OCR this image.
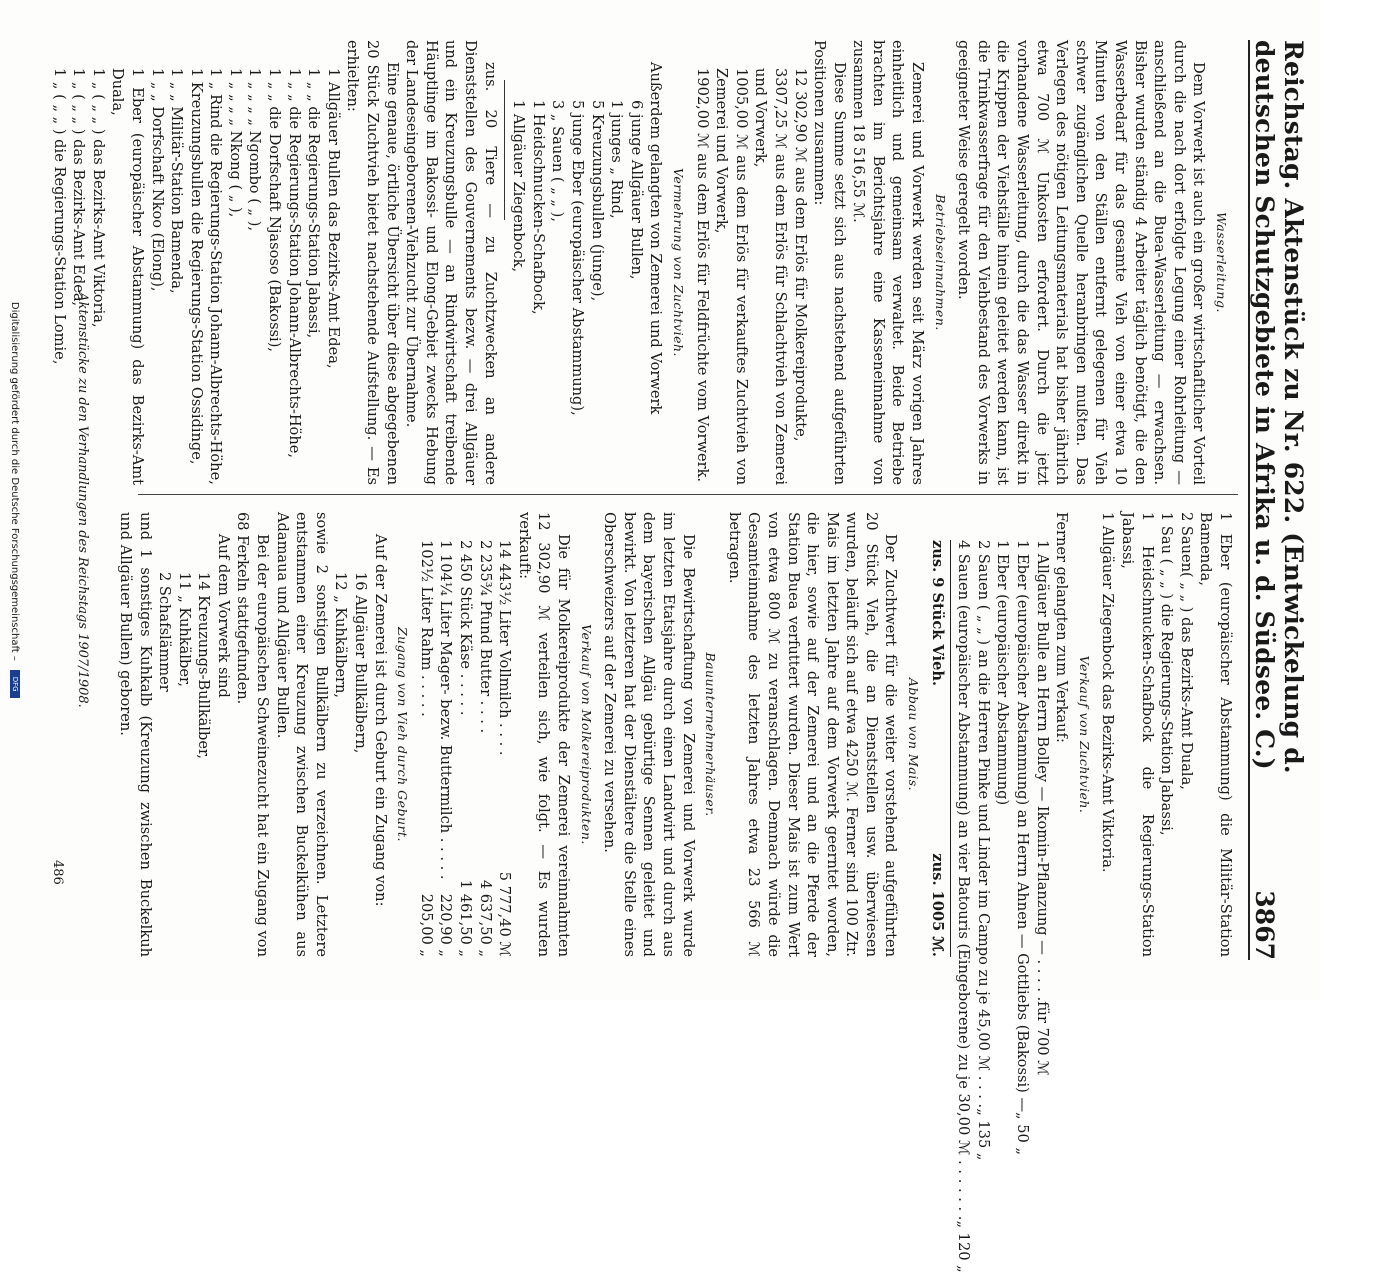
Reichstag. Aktenstück zu Nr. 622. (Entwickelung d. deutschen Schutzgebiete in Afrika u. d. Südsee. C.)
3867
Wasserleitung.

Dem Vorwerk ist auch ein großer wirtschaftlicher Vorteil durch die nach dort erfolgte Legung einer Rohrleitung — anschließend an die Buea-Wasserleitung — erwachsen. Bisher wurden ständig 4 Arbeiter täglich benötigt, die den Wasserbedarf für das gesamte Vieh von einer etwa 10 Minuten von den Ställen entfernt gelegenen für Vieh schwer zugänglichen Quelle heranbringen mußten. Das Verlegen des nötigen Leitungsmaterials hat bisher jährlich etwa 700 ℳ Unkosten erfordert. Durch die jetzt vorhandene Wasserleitung, durch die das Wasser direkt in die Krippen der Viehställe hinein geleitet werden kann, ist die Trinkwasserfrage für den Viehbestand des Vorwerks in geeigneter Weise geregelt worden.

Betriebseinnahmen.

Zemerei und Vorwerk werden seit März vorigen Jahres einheitlich und gemeinsam verwaltet. Beide Betriebe brachten im Berichtsjahre eine Kasseneinnahme von zusammen 18 516,55 ℳ.

Diese Summe setzt sich aus nachstehend aufgeführten Positionen zusammen:

12 302,90 ℳ aus dem Erlös für Molkereiprodukte,
3307,25 ℳ aus dem Erlös für Schlachtvieh von Zemerei und Vorwerk,
1005,00 ℳ aus dem Erlös für verkauftes Zuchtvieh von Zemerei und Vorwerk,
1902,00 ℳ aus dem Erlös für Feldfrüchte vom Vorwerk.
Vermehrung von Zuchtvieh.

Außerdem gelangten von Zemerei und Vorwerk

6 junge Allgäuer Bullen,
1 junges „ Rind,
5 Kreuzungsbullen (junge),
5 junge Eber (europäischer Abstammung),
3 „ Sauen ( „ „ ),
1 Heidschnucken-Schafbock,
1 Allgäuer Ziegenbock,

zus. 20 Tiere — zu Zuchtzwecken an andere Dienststellen des Gouvernements bezw. — drei Allgäuer und ein Kreuzungsbulle — an Rindwirtschaft treibende Häuptlinge im Bakossi- und Elong-Gebiet zwecks Hebung der Landeseingeborenen-Viehzucht zur Übernahme.

Eine genaue, örtliche Übersicht über diese abgegebenen 20 Stück Zuchtvieh bietet nachstehende Aufstellung. — Es erhielten:

1 Allgäuer Bullen das Bezirks-Amt Edea,
1 „ „ die Regierungs-Station Jabassi,
1 „ „ die Regierungs-Station Johann-Albrechts-Höhe,
1 „ „ die Dorfschaft Njasoso (Bakossi),
1 „ „ „ „ Ngombo ( „ ),
1 „ „ „ „ Nkong ( „ ),
1 „ Rind die Regierungs-Station Johann-Albrechts-Höhe,
1 Kreuzungsbullen die Regierungs-Station Ossidinge,
1 „ „ Militär-Station Bamenda,
1 „ „ Dorfschaft Nkoo (Elong),
1 Eber (europäischer Abstammung) das Bezirks-Amt Duala,
1 „ ( „ „ ) das Bezirks-Amt Viktoria,
1 „ ( „ „ ) das Bezirks-Amt Edea,
1 „ ( „ „ ) die Regierungs-Station Lomie,
1 Eber (europäischer Abstammung) die Militär-Station Bamenda,
2 Sauen( „ „ ) das Bezirks-Amt Duala,
1 Sau ( „ „ ) die Regierungs-Station Jabassi,
1 Heidschnucken-Schafbock die Regierungs-Station Jabassi,
1 Allgäuer Ziegenbock das Bezirks-Amt Viktoria.
Verkauf von Zuchtvieh.

Ferner gelangten zum Verkauf:

1 Allgäuer Bulle an Herrn Bolley — Ikomin-Pflanzung — . . . . .
für 700 ℳ
1 Eber (europäischer Abstammung) an Herrn Ahnen — Gottliebs (Bakossi) —
„ 50 „
1 Eber (europäischer Abstammung)
2 Sauen ( „ „ ) an die Herren Pinke und Linder im Campo zu je 45,00 ℳ . . . .
„ 135 „
4 Sauen (europäischer Abstammung) an vier Batouris (Eingeborene) zu je 30,00 ℳ . . . . . . .
„ 120 „
zus. 9 Stück Vieh.
zus. 1005 ℳ.
Abbau von Mais.

Der Zuchtwert für die weiter vorstehend aufgeführten 20 Stück Vieh, die an Dienststellen usw. überwiesen wurden, beläuft sich auf etwa 4250 ℳ. Ferner sind 100 Ztr. Mais im letzten Jahre auf dem Vorwerk geerntet worden, die hier, sowie auf der Zemerei und an die Pferde der Station Buea verfuttert wurden. Dieser Mais ist zum Wert von etwa 800 ℳ zu veranschlagen. Demnach würde die Gesamteinnahme des letzten Jahres etwa 23 566 ℳ betragen.

Bauunternehmerhäuser.

Die Bewirtschaftung von Zemerei und Vorwerk wurde im letzten Etatsjahre durch einen Landwirt und durch aus dem bayerischen Allgäu gebürtige Sennen geleitet und bewirkt. Von letzteren hat der Dienstältere die Stelle eines Oberschweizers auf der Zemerei zu versehen.

Verkauf von Molkereiprodukten.

Die für Molkereiprodukte der Zemerei vereinnahmten 12 302,90 ℳ verteilen sich, wie folgt. — Es wurden verkauft:

14 443½ Liter Vollmilch . . . .
5 777,40 ℳ
2 235¾ Pfund Butter . . . .
4 637,50 „
2 450 Stück Käse . . . . .
1 461,50 „
1 104¼ Liter Mager- bezw. Buttermilch . . . . .
220,90 „
102½ Liter Rahm . . . . .
205,00 „
Zugang von Vieh durch Geburt.

Auf der Zemerei ist durch Geburt ein Zugang von:

16 Allgäuer Bullkälbern,
12 „ Kuhkälbern,

sowie 2 sonstigen Bullkälbern zu verzeichnen. Letztere entstammen einer Kreuzung zwischen Buckelkühen aus Adamaua und Allgäuer Bullen.

Bei der europäischen Schweinezucht hat ein Zugang von 68 Ferkeln stattgefunden.

Auf dem Vorwerk sind

14 Kreuzungs-Bullkälber,
11 „ Kuhkälber,
2 Schafslämmer

und 1 sonstiges Kuhkalb (Kreuzung zwischen Buckelkuh und Allgäuer Bullen) geboren.

Aktenstücke zu den Verhandlungen des Reichstags 1907/1908.
486
Digitalisierung gefördert durch die Deutsche Forschungsgemeinschaft – DFG
